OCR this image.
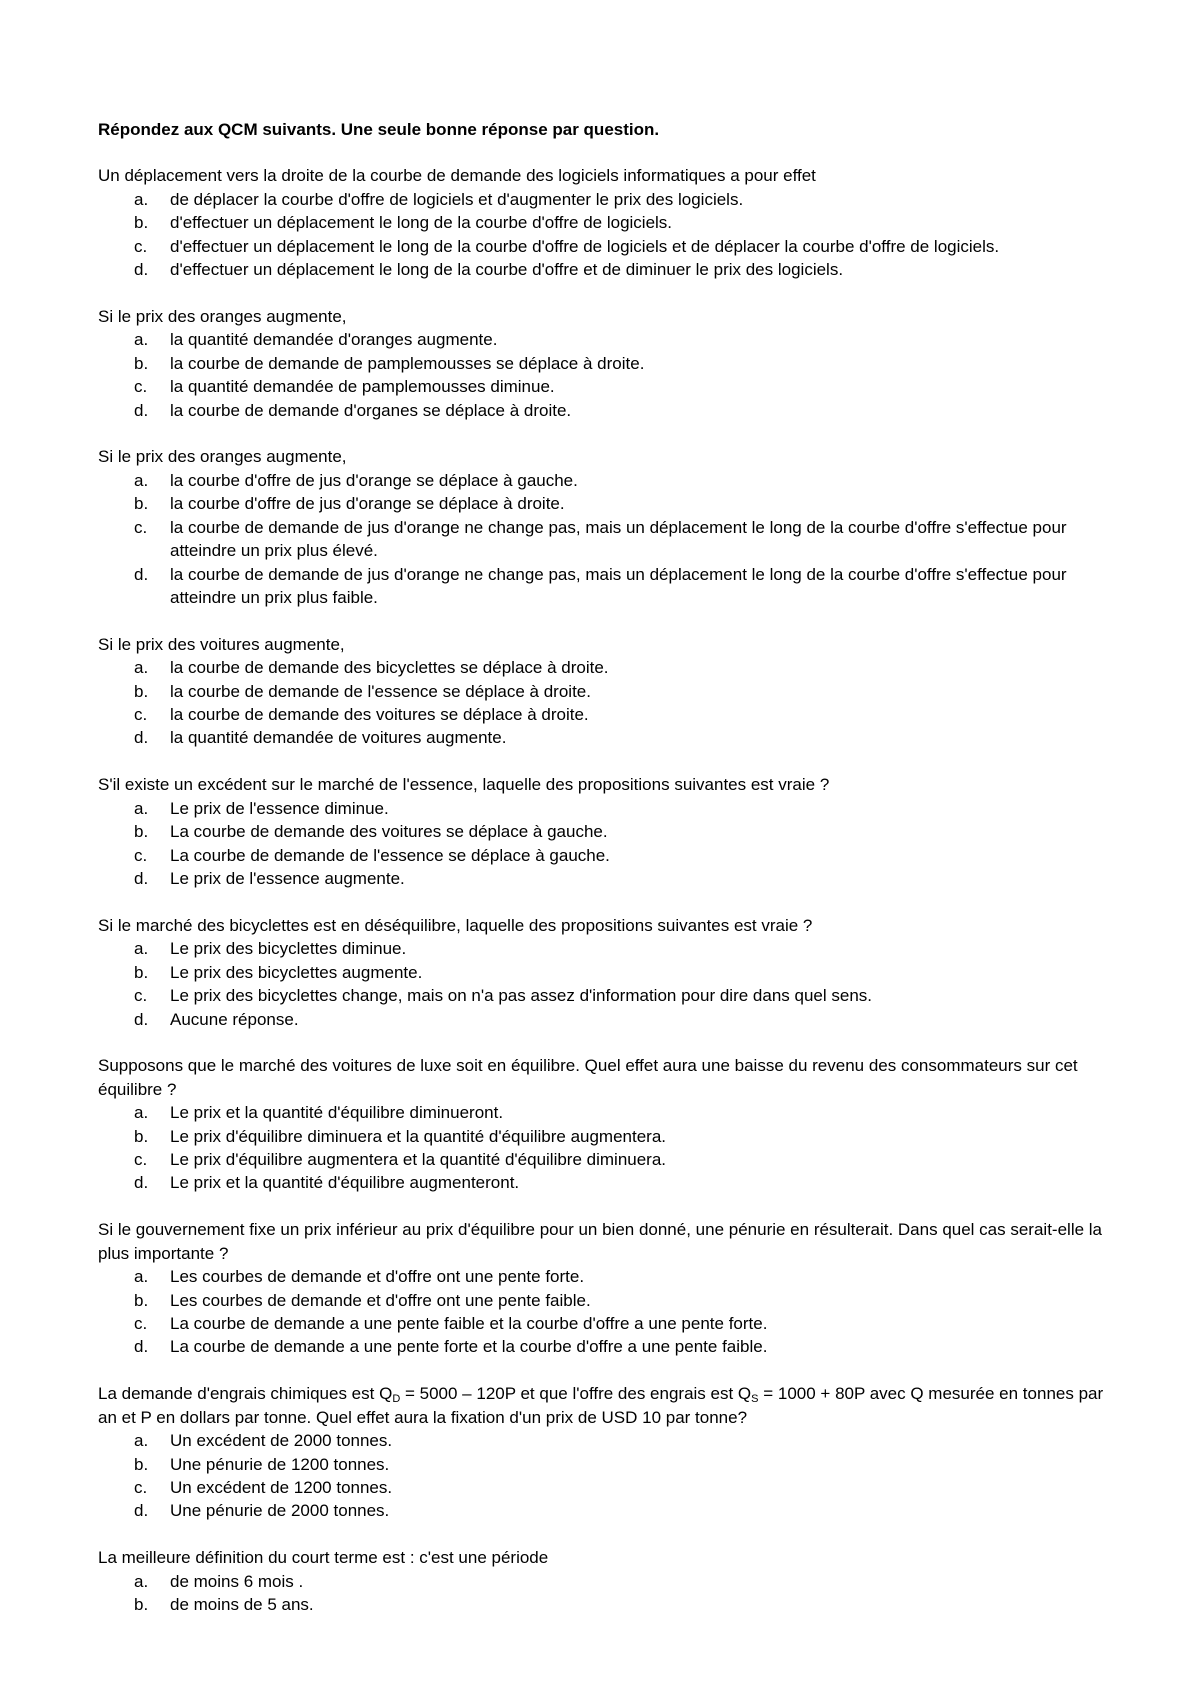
Répondez aux QCM suivants. Une seule bonne réponse par question.

Un déplacement vers la droite de la courbe de demande des logiciels informatiques a pour effet

a. de déplacer la courbe d'offre de logiciels et d'augmenter le prix des logiciels.
b. d'effectuer un déplacement le long de la courbe d'offre de logiciels.
c. d'effectuer un déplacement le long de la courbe d'offre de logiciels et de déplacer la courbe d'offre de logiciels.
d. d'effectuer un déplacement le long de la courbe d'offre et de diminuer le prix des logiciels.

Si le prix des oranges augmente,

a. la quantité demandée d'oranges augmente.
b. la courbe de demande de pamplemousses se déplace à droite.
c. la quantité demandée de pamplemousses diminue.
d. la courbe de demande d'organes se déplace à droite.

Si le prix des oranges augmente,

a. la courbe d'offre de jus d'orange se déplace à gauche.
b. la courbe d'offre de jus d'orange se déplace à droite.
c. la courbe de demande de jus d'orange ne change pas, mais un déplacement le long de la courbe d'offre s'effectue pour atteindre un prix plus élevé.
d. la courbe de demande de jus d'orange ne change pas, mais un déplacement le long de la courbe d'offre s'effectue pour atteindre un prix plus faible.

Si le prix des voitures augmente,

a. la courbe de demande des bicyclettes se déplace à droite.
b. la courbe de demande de l'essence se déplace à droite.
c. la courbe de demande des voitures se déplace à droite.
d. la quantité demandée de voitures augmente.

S'il existe un excédent sur le marché de l'essence, laquelle des propositions suivantes est vraie ?

a. Le prix de l'essence diminue.
b. La courbe de demande des voitures se déplace à gauche.
c. La courbe de demande de l'essence se déplace à gauche.
d. Le prix de l'essence augmente.

Si le marché des bicyclettes est en déséquilibre, laquelle des propositions suivantes est vraie ?

a. Le prix des bicyclettes diminue.
b. Le prix des bicyclettes augmente.
c. Le prix des bicyclettes change, mais on n'a pas assez d'information pour dire dans quel sens.
d. Aucune réponse.

Supposons que le marché des voitures de luxe soit en équilibre. Quel effet aura une baisse du revenu des consommateurs sur cet équilibre ?

a. Le prix et la quantité d'équilibre diminueront.
b. Le prix d'équilibre diminuera et la quantité d'équilibre augmentera.
c. Le prix d'équilibre augmentera et la quantité d'équilibre diminuera.
d. Le prix et la quantité d'équilibre augmenteront.

Si le gouvernement fixe un prix inférieur au prix d'équilibre pour un bien donné, une pénurie en résulterait. Dans quel cas serait-elle la plus importante ?

a. Les courbes de demande et d'offre ont une pente forte.
b. Les courbes de demande et d'offre ont une pente faible.
c. La courbe de demande a une pente faible et la courbe d'offre a une pente forte.
d. La courbe de demande a une pente forte et la courbe d'offre a une pente faible.

La demande d'engrais chimiques est $Q_D = 5000 - 120P$ et que l'offre des engrais est $Q_S = 1000 + 80P$ avec Q mesurée en tonnes par an et P en dollars par tonne. Quel effet aura la fixation d'un prix de USD 10 par tonne?

a. Un excédent de 2000 tonnes.
b. Une pénurie de 1200 tonnes.
c. Un excédent de 1200 tonnes.
d. Une pénurie de 2000 tonnes.

La meilleure définition du court terme est : c'est une période

a. de moins 6 mois .
b. de moins de 5 ans.
